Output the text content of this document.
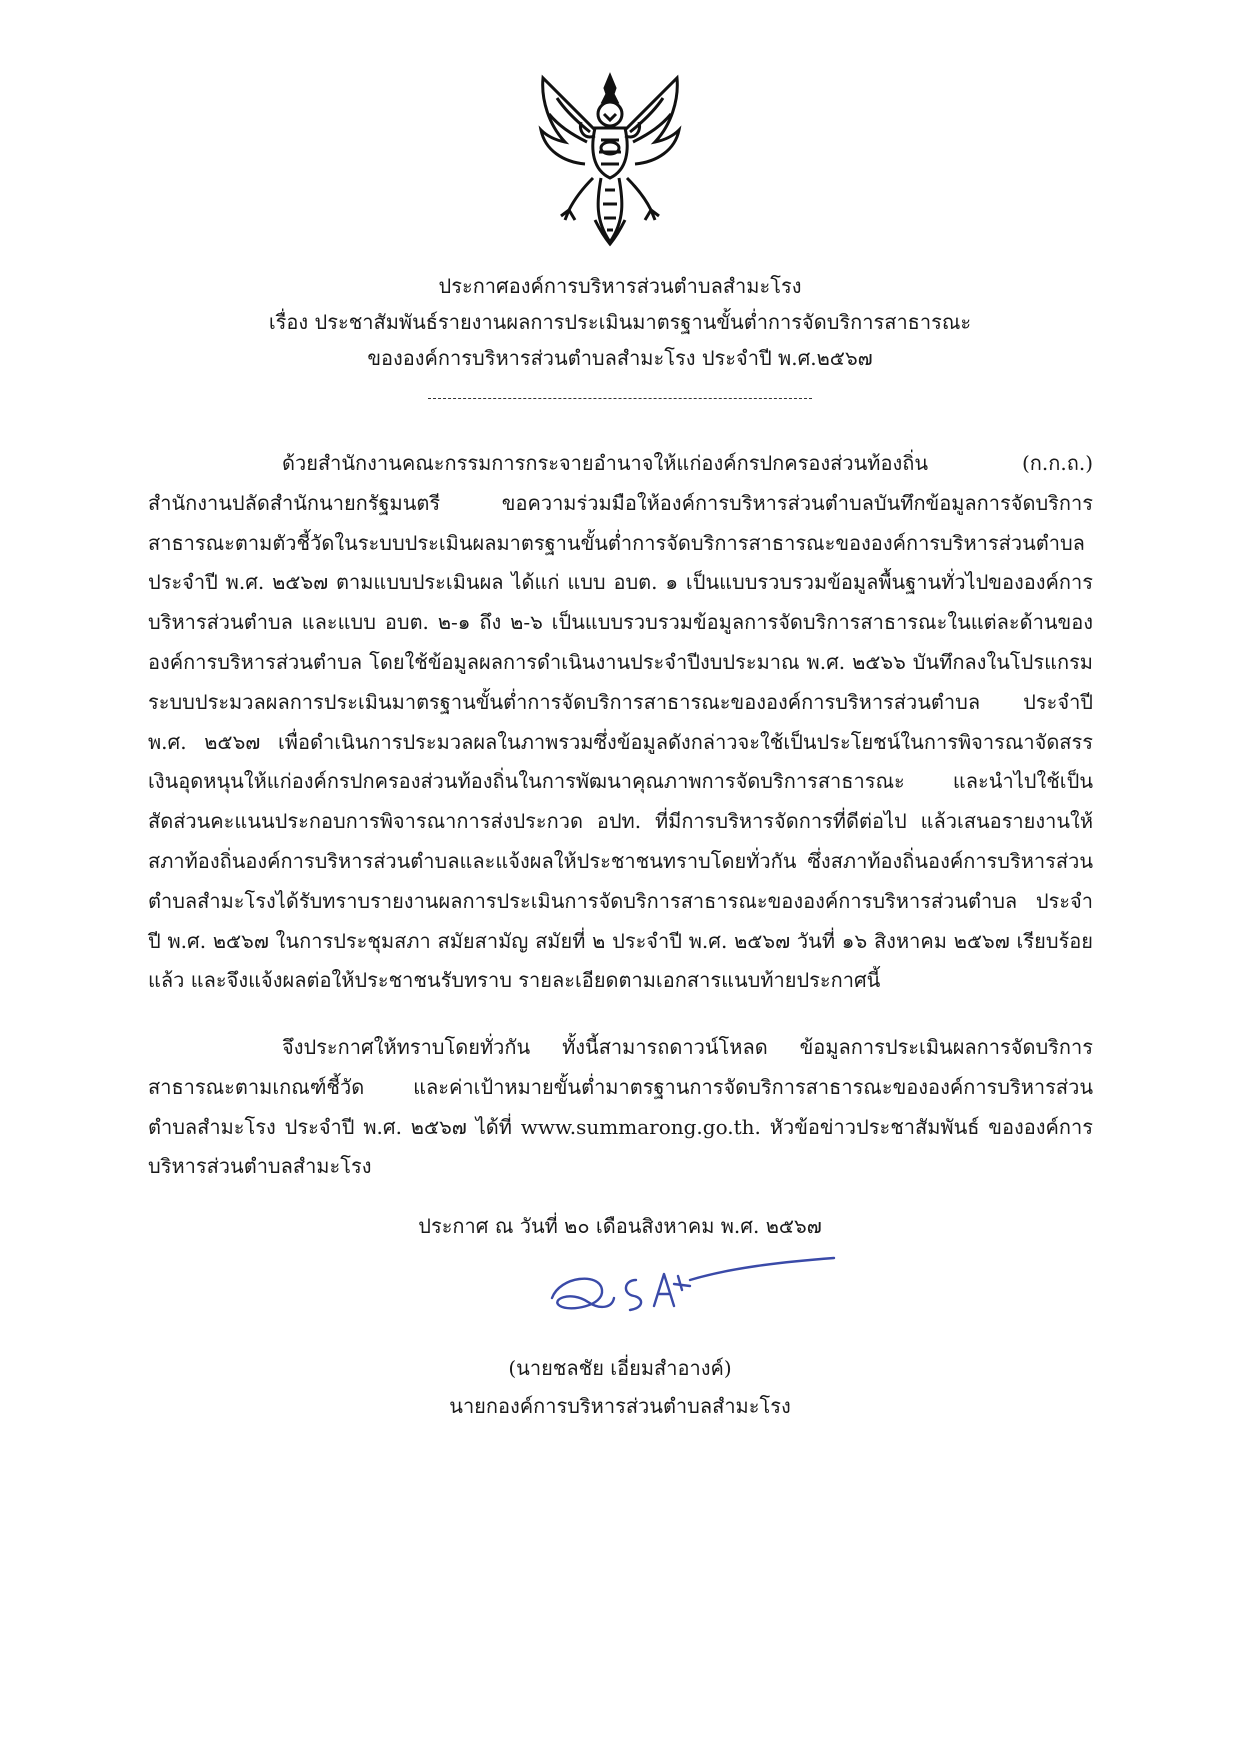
ประกาศองค์การบริหารส่วนตำบลสำมะโรง
เรื่อง ประชาสัมพันธ์รายงานผลการประเมินมาตรฐานขั้นต่ำการจัดบริการสาธารณะ
ขององค์การบริหารส่วนตำบลสำมะโรง ประจำปี พ.ศ.๒๕๖๗
ด้วยสำนักงานคณะกรรมการกระจายอำนาจให้แก่องค์กรปกครองส่วนท้องถิ่น (ก.ก.ถ.) สำนักงานปลัดสำนักนายกรัฐมนตรี ขอความร่วมมือให้องค์การบริหารส่วนตำบลบันทึกข้อมูลการจัดบริการสาธารณะตามตัวชี้วัดในระบบประเมินผลมาตรฐานขั้นต่ำการจัดบริการสาธารณะขององค์การบริหารส่วนตำบล ประจำปี พ.ศ. ๒๕๖๗ ตามแบบประเมินผล ได้แก่ แบบ อบต. ๑ เป็นแบบรวบรวมข้อมูลพื้นฐานทั่วไปขององค์การบริหารส่วนตำบล และแบบ อบต. ๒-๑ ถึง ๒-๖ เป็นแบบรวบรวมข้อมูลการจัดบริการสาธารณะในแต่ละด้านขององค์การบริหารส่วนตำบล โดยใช้ข้อมูลผลการดำเนินงานประจำปีงบประมาณ พ.ศ. ๒๕๖๖ บันทึกลงในโปรแกรมระบบประมวลผลการประเมินมาตรฐานขั้นต่ำการจัดบริการสาธารณะขององค์การบริหารส่วนตำบล ประจำปี พ.ศ. ๒๕๖๗ เพื่อดำเนินการประมวลผลในภาพรวมซึ่งข้อมูลดังกล่าวจะใช้เป็นประโยชน์ในการพิจารณาจัดสรรเงินอุดหนุนให้แก่องค์กรปกครองส่วนท้องถิ่นในการพัฒนาคุณภาพการจัดบริการสาธารณะ และนำไปใช้เป็นสัดส่วนคะแนนประกอบการพิจารณาการส่งประกวด อปท. ที่มีการบริหารจัดการที่ดีต่อไป แล้วเสนอรายงานให้สภาท้องถิ่นองค์การบริหารส่วนตำบลและแจ้งผลให้ประชาชนทราบโดยทั่วกัน ซึ่งสภาท้องถิ่นองค์การบริหารส่วนตำบลสำมะโรงได้รับทราบรายงานผลการประเมินการจัดบริการสาธารณะขององค์การบริหารส่วนตำบล ประจำปี พ.ศ. ๒๕๖๗ ในการประชุมสภา สมัยสามัญ สมัยที่ ๒ ประจำปี พ.ศ. ๒๕๖๗ วันที่ ๑๖ สิงหาคม ๒๕๖๗ เรียบร้อยแล้ว และจึงแจ้งผลต่อให้ประชาชนรับทราบ รายละเอียดตามเอกสารแนบท้ายประกาศนี้
จึงประกาศให้ทราบโดยทั่วกัน ทั้งนี้สามารถดาวน์โหลด ข้อมูลการประเมินผลการจัดบริการสาธารณะตามเกณฑ์ชี้วัด และค่าเป้าหมายขั้นต่ำมาตรฐานการจัดบริการสาธารณะขององค์การบริหารส่วนตำบลสำมะโรง ประจำปี พ.ศ. ๒๕๖๗ ได้ที่ www.summarong.go.th. หัวข้อข่าวประชาสัมพันธ์ ขององค์การบริหารส่วนตำบลสำมะโรง
ประกาศ ณ วันที่ ๒๐ เดือนสิงหาคม พ.ศ. ๒๕๖๗
(นายชลชัย เอี่ยมสำอางค์)
นายกองค์การบริหารส่วนตำบลสำมะโรง
